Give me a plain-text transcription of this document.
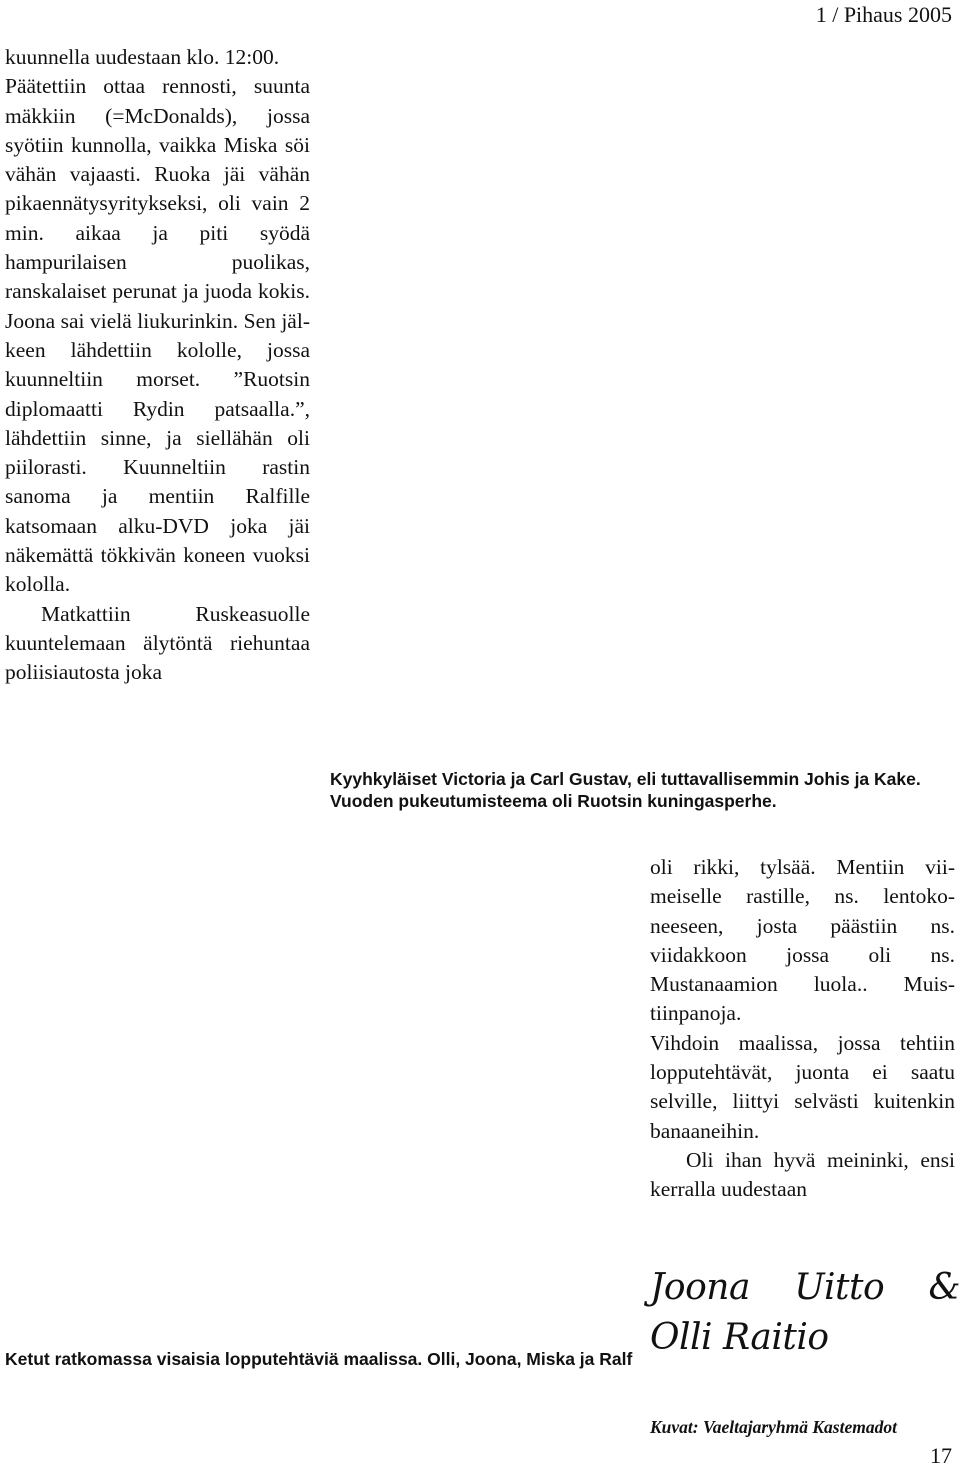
1 / Pihaus 2005

kuunnella uudestaan klo. 12:00.

Päätettiin ottaa rennosti, suunta mäkkiin (=McDonalds), jossa syötiin kunnolla, vaikka Miska söi vähän vajaasti. Ruoka jäi vähän pikaennätysyritykseksi, oli vain 2 min. aikaa ja piti syödä hampurilaisen puolikas, ranskalaiset perunat ja juoda kokis. Joona sai vielä liukurinkin. Sen jälkeen lähdettiin kololle, jossa kuunneltiin morset. ”Ruotsin diplomaatti Rydin patsaalla.”, lähdettiin sinne, ja siellähän oli piilorasti. Kuunneltiin rastin sanoma ja mentiin Ralfille katsomaan alku-DVD joka jäi näkemättä tökkivän koneen vuoksi kololla.

Matkattiin Ruskeasuolle kuuntelemaan älytöntä riehuntaa poliisiautosta joka

Kyyhkyläiset Victoria ja Carl Gustav, eli tuttavallisemmin Johis ja Kake. Vuoden pukeutumisteema oli Ruotsin kuningasperhe.

oli rikki, tylsää. Mentiin viimeiselle rastille, ns. lentokoneeseen, josta päästiin ns. viidakkoon jossa oli ns. Mustanaamion luola.. Muistiinpanoja.

Vihdoin maalissa, jossa tehtiin lopputehtävät, juonta ei saatu selville, liittyi selvästi kuitenkin banaaneihin.

Oli ihan hyvä meininki, ensi kerralla uudestaan

Joona Uitto &
Olli Raitio
Ketut ratkomassa visaisia lopputehtäviä maalissa. Olli, Joona, Miska ja Ralf
Kuvat: Vaeltajaryhmä Kastemadot
17
